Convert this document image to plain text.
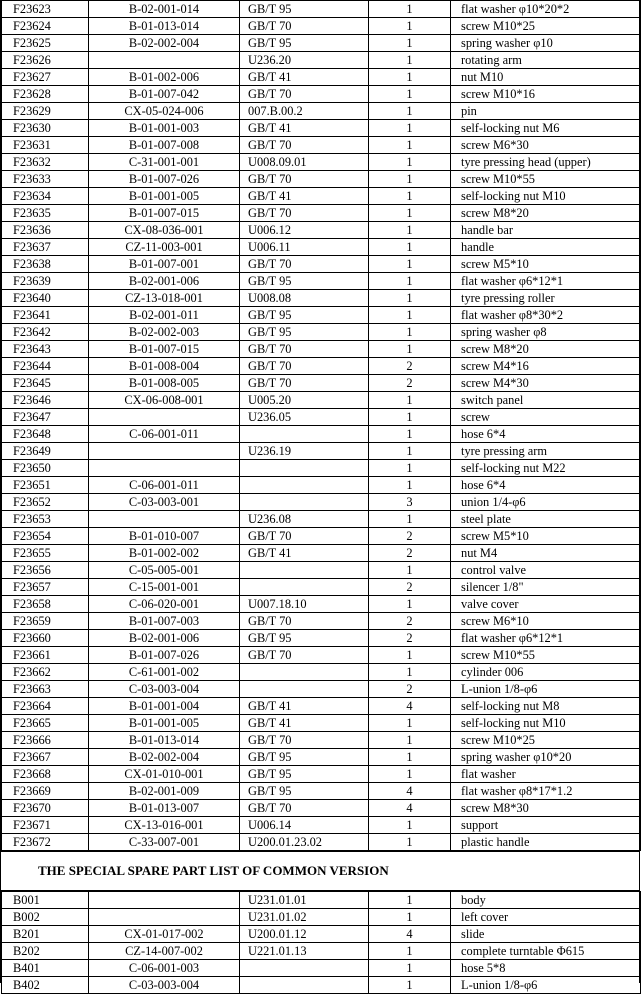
F23623	B-02-001-014	GB/T 95	1	flat washer φ10*20*2
F23624	B-01-013-014	GB/T 70	1	screw M10*25
F23625	B-02-002-004	GB/T 95	1	spring washer φ10
F23626		U236.20	1	rotating arm
F23627	B-01-002-006	GB/T 41	1	nut M10
F23628	B-01-007-042	GB/T 70	1	screw M10*16
F23629	CX-05-024-006	007.B.00.2	1	pin
F23630	B-01-001-003	GB/T 41	1	self-locking nut M6
F23631	B-01-007-008	GB/T 70	1	screw M6*30
F23632	C-31-001-001	U008.09.01	1	tyre pressing head (upper)
F23633	B-01-007-026	GB/T 70	1	screw M10*55
F23634	B-01-001-005	GB/T 41	1	self-locking nut M10
F23635	B-01-007-015	GB/T 70	1	screw M8*20
F23636	CX-08-036-001	U006.12	1	handle bar
F23637	CZ-11-003-001	U006.11	1	handle
F23638	B-01-007-001	GB/T 70	1	screw M5*10
F23639	B-02-001-006	GB/T 95	1	flat washer φ6*12*1
F23640	CZ-13-018-001	U008.08	1	tyre pressing roller
F23641	B-02-001-011	GB/T 95	1	flat washer φ8*30*2
F23642	B-02-002-003	GB/T 95	1	spring washer φ8
F23643	B-01-007-015	GB/T 70	1	screw M8*20
F23644	B-01-008-004	GB/T 70	2	screw M4*16
F23645	B-01-008-005	GB/T 70	2	screw M4*30
F23646	CX-06-008-001	U005.20	1	switch panel
F23647		U236.05	1	screw
F23648	C-06-001-011		1	hose 6*4
F23649		U236.19	1	tyre pressing arm
F23650			1	self-locking nut M22
F23651	C-06-001-011		1	hose 6*4
F23652	C-03-003-001		3	union 1/4-φ6
F23653		U236.08	1	steel plate
F23654	B-01-010-007	GB/T 70	2	screw M5*10
F23655	B-01-002-002	GB/T 41	2	nut M4
F23656	C-05-005-001		1	control valve
F23657	C-15-001-001		2	silencer 1/8"
F23658	C-06-020-001	U007.18.10	1	valve cover
F23659	B-01-007-003	GB/T 70	2	screw M6*10
F23660	B-02-001-006	GB/T 95	2	flat washer φ6*12*1
F23661	B-01-007-026	GB/T 70	1	screw M10*55
F23662	C-61-001-002		1	cylinder 006
F23663	C-03-003-004		2	L-union 1/8-φ6
F23664	B-01-001-004	GB/T 41	4	self-locking nut M8
F23665	B-01-001-005	GB/T 41	1	self-locking nut M10
F23666	B-01-013-014	GB/T 70	1	screw M10*25
F23667	B-02-002-004	GB/T 95	1	spring washer φ10*20
F23668	CX-01-010-001	GB/T 95	1	flat washer
F23669	B-02-001-009	GB/T 95	4	flat washer φ8*17*1.2
F23670	B-01-013-007	GB/T 70	4	screw M8*30
F23671	CX-13-016-001	U006.14	1	support
F23672	C-33-007-001	U200.01.23.02	1	plastic handle
THE SPECIAL SPARE PART LIST OF COMMON VERSION
B001		U231.01.01	1	body
B002		U231.01.02	1	left cover
B201	CX-01-017-002	U200.01.12	4	slide
B202	CZ-14-007-002	U221.01.13	1	complete turntable Φ615
B401	C-06-001-003		1	hose 5*8
B402	C-03-003-004		1	L-union 1/8-φ6
